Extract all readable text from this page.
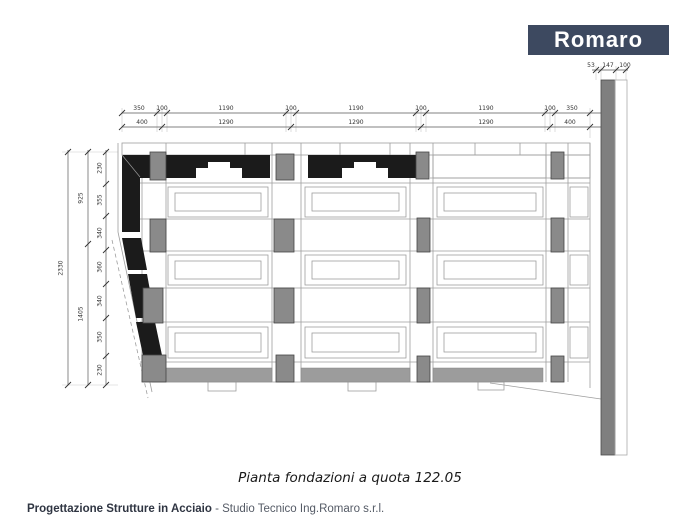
350 100	1190	100	1190	100	1190	100 350
400	1290	1290	1290	400
230
355
340
360
340
350
230
925
1405
2330
53 147 100
Romaro
Pianta fondazioni a quota 122.05
Progettazione Strutture in Acciaio - Studio Tecnico Ing.Romaro s.r.l.
